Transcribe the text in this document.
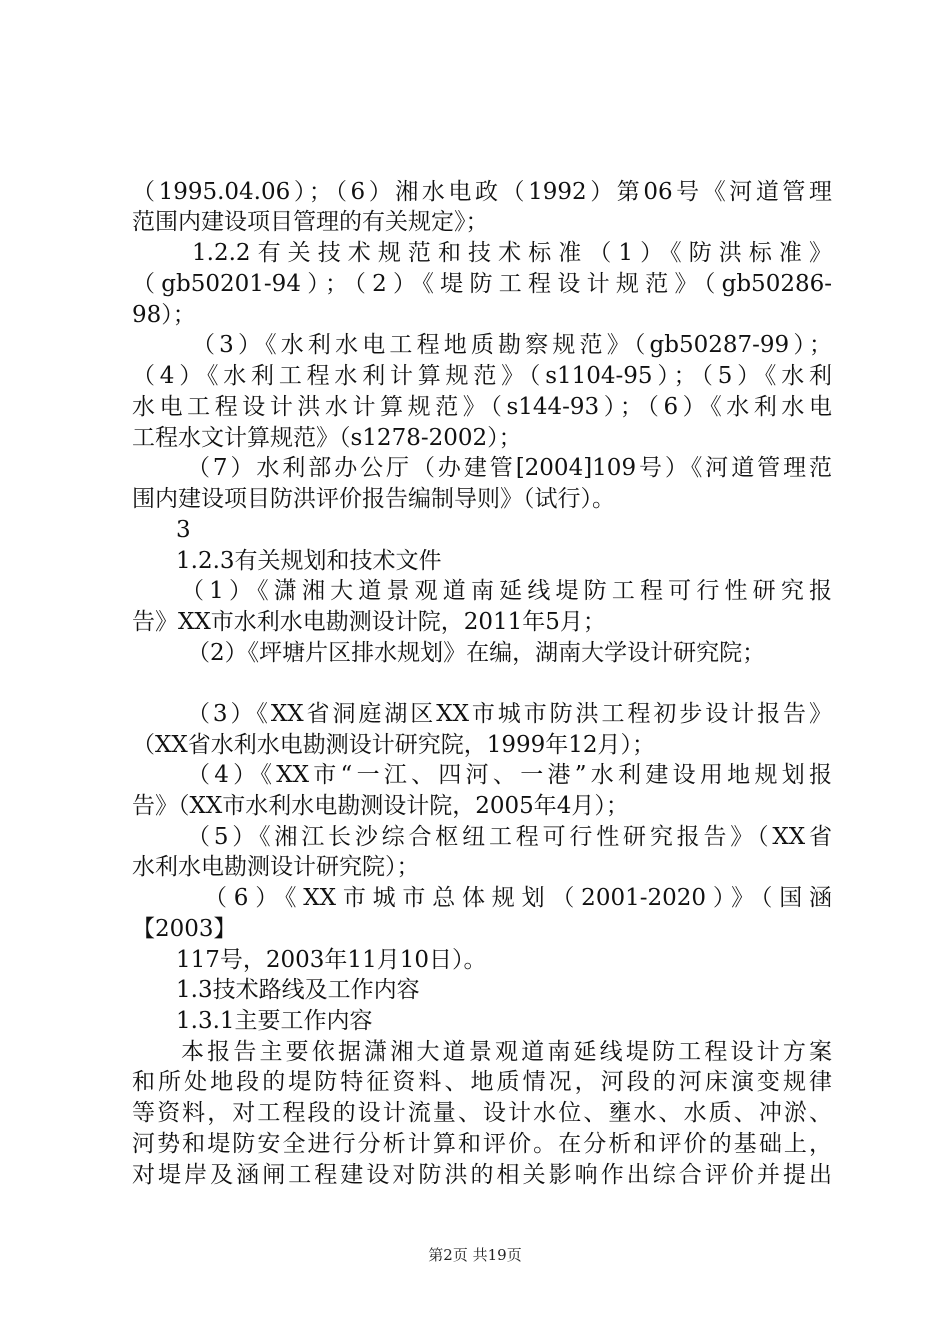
（1995.04.06）；（6）湘水电政（1992）第06号《河道管理
范围内建设项目管理的有关规定》；
1.2.2有关技术规范和技术标准（1）《防洪标准》
（gb50201-94）；（2）《堤防工程设计规范》（gb50286-
98）；
（3）《水利水电工程地质勘察规范》（gb50287-99）；
（4）《水利工程水利计算规范》（s1104-95）；（5）《水利
水电工程设计洪水计算规范》（s144-93）；（6）《水利水电
工程水文计算规范》（s1278-2002）；
（7）水利部办公厅（办建管[2004]109号）《河道管理范
围内建设项目防洪评价报告编制导则》（试行）。
3
1.2.3有关规划和技术文件
（1）《潇湘大道景观道南延线堤防工程可行性研究报
告》XX市水利水电勘测设计院，2011年5月；
（2）《坪塘片区排水规划》在编，湖南大学设计研究院；
（3）《XX省洞庭湖区XX市城市防洪工程初步设计报告》
（XX省水利水电勘测设计研究院，1999年12月）；
（4）《XX市“一江、四河、一港”水利建设用地规划报
告》（XX市水利水电勘测设计院，2005年4月）；
（5）《湘江长沙综合枢纽工程可行性研究报告》（XX省
水利水电勘测设计研究院）；
（6）《XX市城市总体规划（2001-2020）》（国涵
【2003】
117号，2003年11月10日）。
1.3技术路线及工作内容
1.3.1主要工作内容
本报告主要依据潇湘大道景观道南延线堤防工程设计方案
和所处地段的堤防特征资料、地质情况，河段的河床演变规律
等资料，对工程段的设计流量、设计水位、壅水、水质、冲淤、
河势和堤防安全进行分析计算和评价。在分析和评价的基础上，
对堤岸及涵闸工程建设对防洪的相关影响作出综合评价并提出
第2页 共19页
